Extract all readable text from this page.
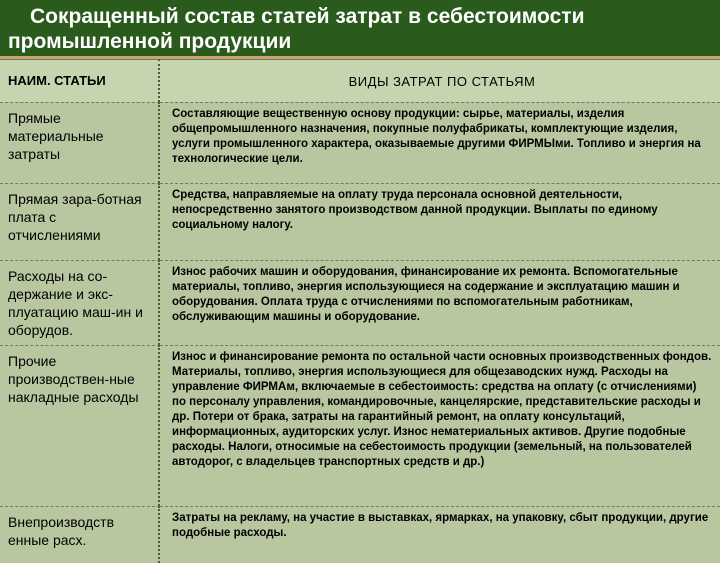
Сокращенный состав статей затрат в себестоимости промышленной продукции

НАИМ. СТАТЬИ	ВИДЫ ЗАТРАТ ПО СТАТЬЯМ
Прямые материальные затраты	Составляющие вещественную основу продукции: сырье, материалы, изделия общепромышленного назначения, покупные полуфабрикаты, комплектующие изделия, услуги промышленного характера, оказываемые другими ФИРМЫми. Топливо и энергия на технологические цели.
Прямая зара-ботная плата с отчислениями	Средства, направляемые на оплату труда персонала основной деятельности, непосредственно занятого производством данной продукции. Выплаты по единому социальному налогу.
Расходы на со-держание и экс-плуатацию маш-ин и оборудов.	Износ рабочих машин и оборудования, финансирование их ремонта. Вспомогательные материалы, топливо, энергия использующиеся на содержание и эксплуатацию машин и оборудования. Оплата труда с отчислениями по вспомогательным работникам, обслуживающим машины и оборудование.
Прочие производствен-ные накладные расходы	Износ и финансирование ремонта по остальной части основных производственных фондов. Материалы, топливо, энергия использующиеся для общезаводских нужд. Расходы на управление ФИРМАм, включаемые в себестоимость: средства на оплату (с отчислениями) по персоналу управления, командировочные, канцелярские, представительские расходы и др. Потери от брака, затраты на гарантийный ремонт, на оплату консультаций, информационных, аудиторских услуг. Износ нематериальных активов. Другие подобные расходы. Налоги, относимые на себестоимость продукции (земельный, на пользователей автодорог, с владельцев транспортных средств и др.)
Внепроизводств енные расх.	Затраты на рекламу, на участие в выставках, ярмарках, на упаковку, сбыт продукции, другие подобные расходы.
